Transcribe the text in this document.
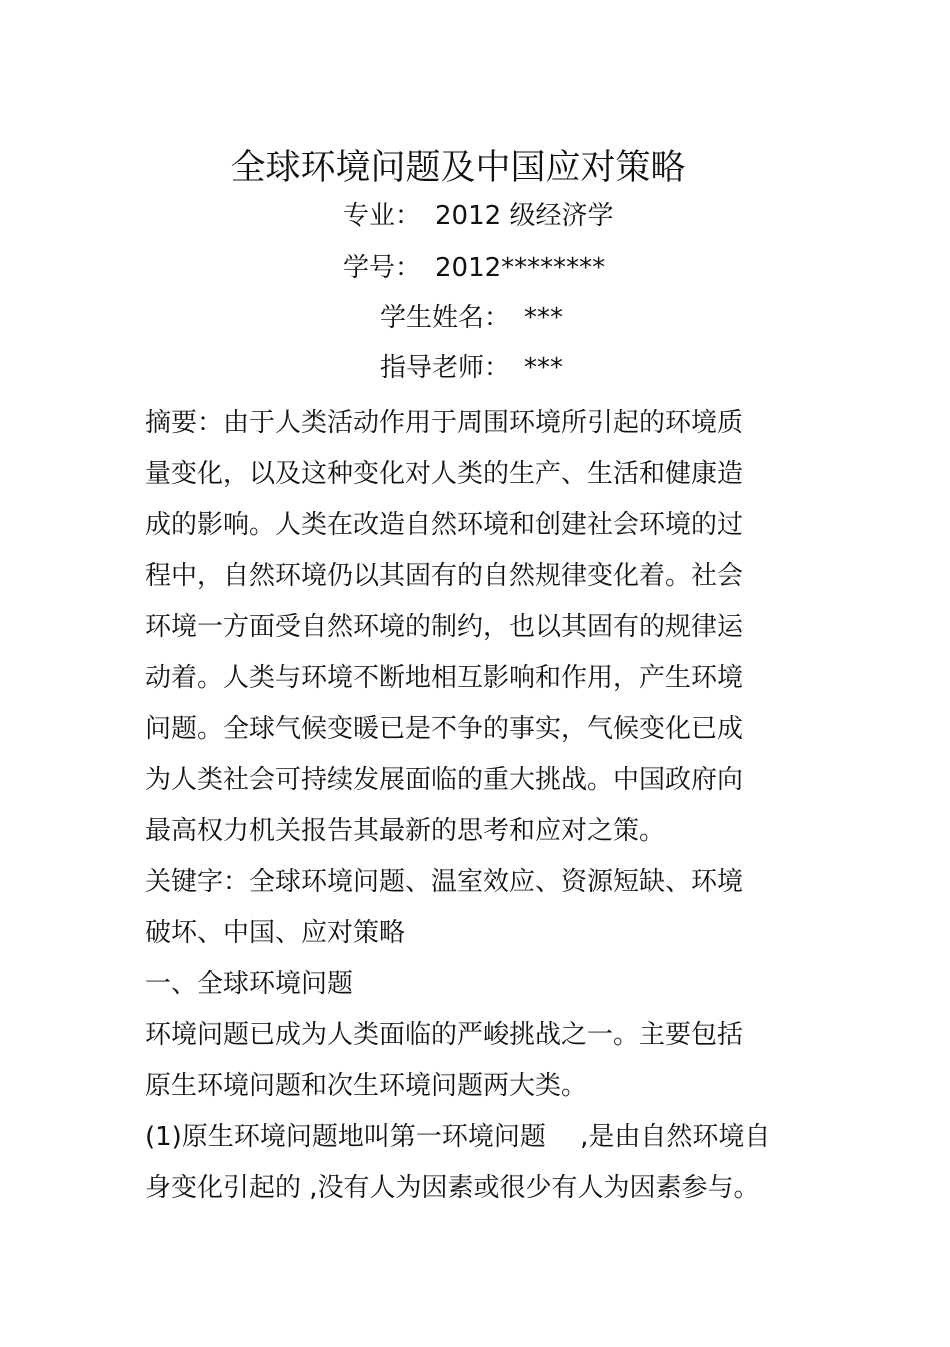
全球环境问题及中国应对策略
专业： 2012 级经济学
学号： 2012********
学生姓名： ***
指导老师： ***

摘要：由于人类活动作用于周围环境所引起的环境质
量变化，以及这种变化对人类的生产、生活和健康造
成的影响。人类在改造自然环境和创建社会环境的过
程中，自然环境仍以其固有的自然规律变化着。社会
环境一方面受自然环境的制约，也以其固有的规律运
动着。人类与环境不断地相互影响和作用，产生环境
问题。全球气候变暖已是不争的事实，气候变化已成
为人类社会可持续发展面临的重大挑战。中国政府向
最高权力机关报告其最新的思考和应对之策。

关键字：全球环境问题、温室效应、资源短缺、环境
破坏、中国、应对策略

一、全球环境问题

环境问题已成为人类面临的严峻挑战之一。主要包括
原生环境问题和次生环境问题两大类。

(1)原生环境问题地叫第一环境问题　 ,是由自然环境自
身变化引起的 ,没有人为因素或很少有人为因素参与。
